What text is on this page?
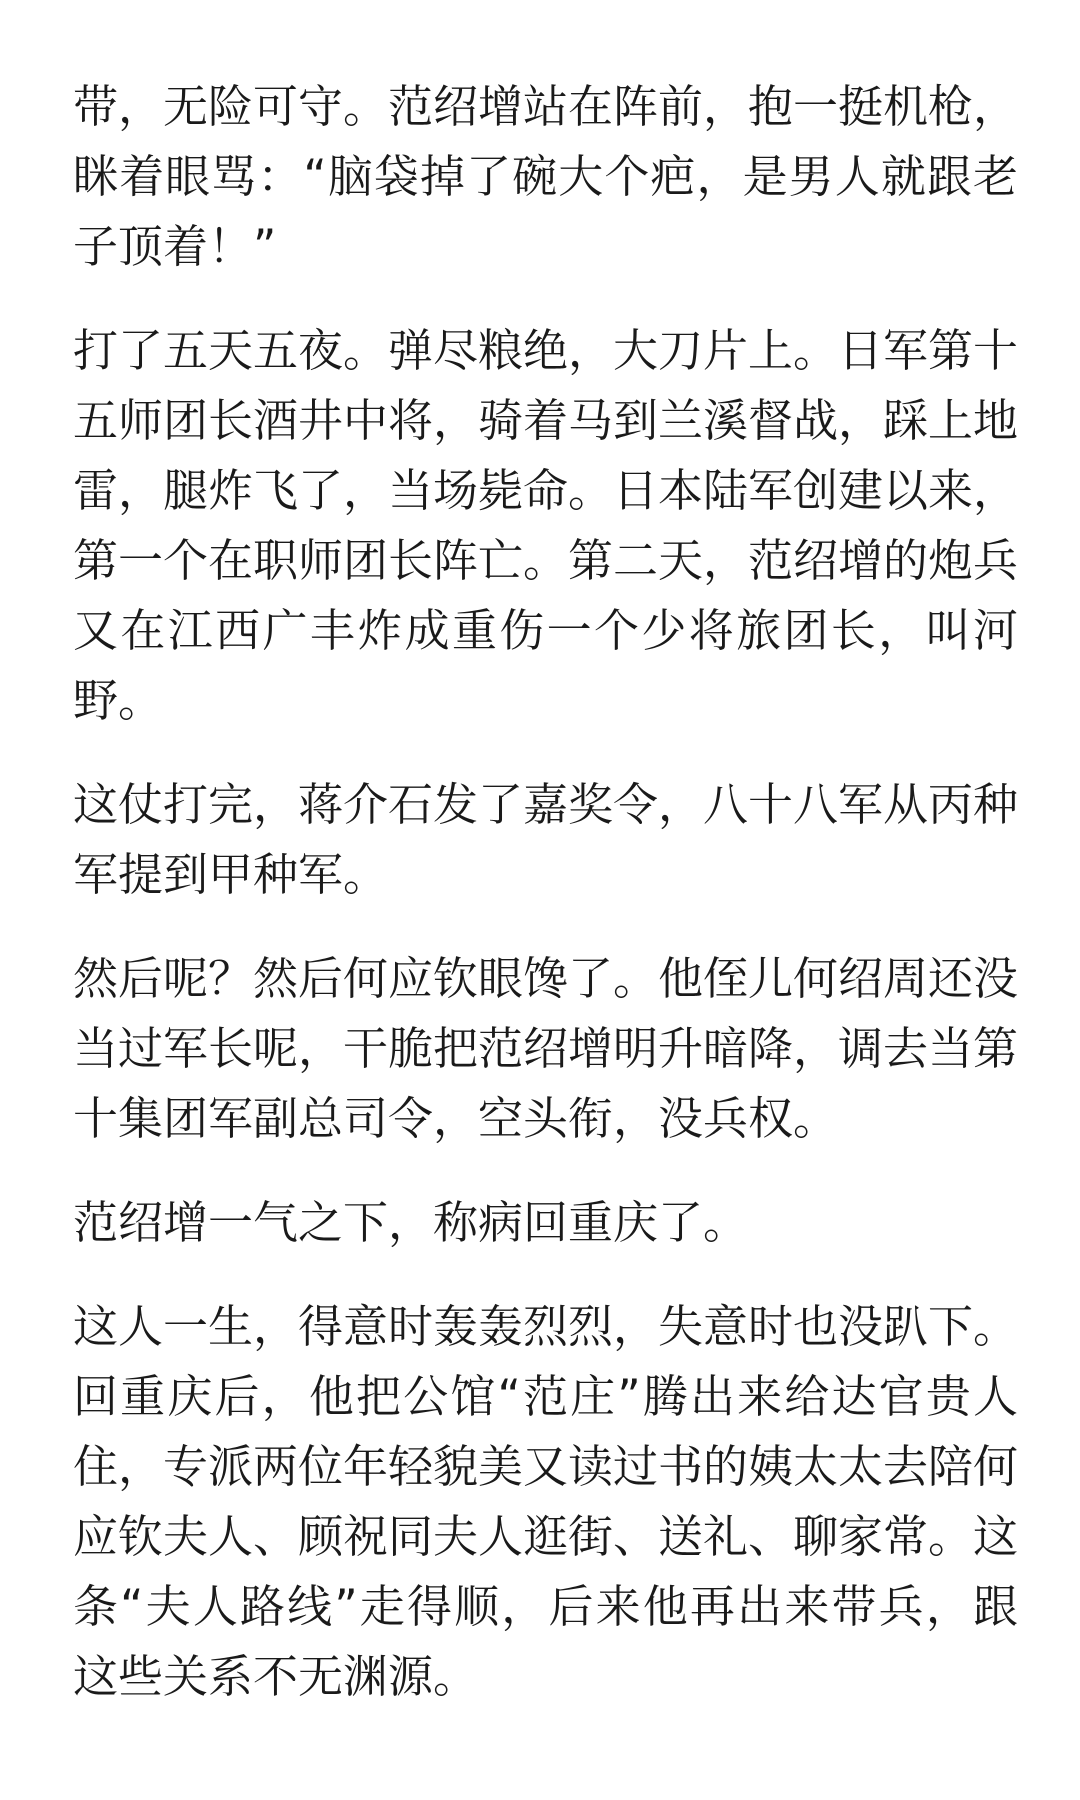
带，无险可守。范绍增站在阵前，抱一挺机枪，眯着眼骂：“脑袋掉了碗大个疤，是男人就跟老子顶着！”

打了五天五夜。弹尽粮绝，大刀片上。日军第十五师团长酒井中将，骑着马到兰溪督战，踩上地雷，腿炸飞了，当场毙命。日本陆军创建以来，第一个在职师团长阵亡。第二天，范绍增的炮兵又在江西广丰炸成重伤一个少将旅团长，叫河野。

这仗打完，蒋介石发了嘉奖令，八十八军从丙种军提到甲种军。

然后呢？然后何应钦眼馋了。他侄儿何绍周还没当过军长呢，干脆把范绍增明升暗降，调去当第十集团军副总司令，空头衔，没兵权。

范绍增一气之下，称病回重庆了。

这人一生，得意时轰轰烈烈，失意时也没趴下。回重庆后，他把公馆“范庄”腾出来给达官贵人住，专派两位年轻貌美又读过书的姨太太去陪何应钦夫人、顾祝同夫人逛街、送礼、聊家常。这条“夫人路线”走得顺，后来他再出来带兵，跟这些关系不无渊源。
